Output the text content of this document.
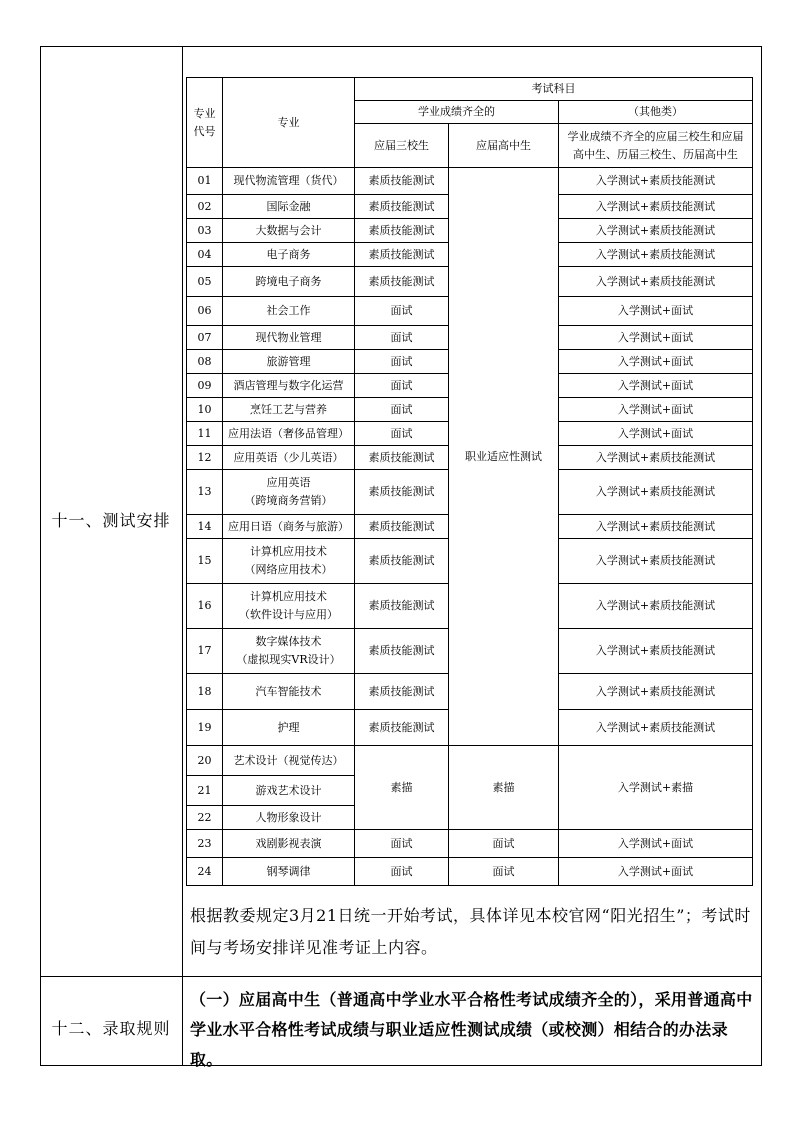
十一、测试安排
十二、录取规则
专业代号	专业	考试科目		
		学业成绩齐全的		（其他类）
		应届三校生	应届高中生	学业成绩不齐全的应届三校生和应届高中生、历届三校生、历届高中生
01	现代物流管理（货代）	素质技能测试	职业适应性测试	入学测试+素质技能测试
02	国际金融	素质技能测试		入学测试+素质技能测试
03	大数据与会计	素质技能测试		入学测试+素质技能测试
04	电子商务	素质技能测试		入学测试+素质技能测试
05	跨境电子商务	素质技能测试		入学测试+素质技能测试
06	社会工作	面试		入学测试+面试
07	现代物业管理	面试		入学测试+面试
08	旅游管理	面试		入学测试+面试
09	酒店管理与数字化运营	面试		入学测试+面试
10	烹饪工艺与营养	面试		入学测试+面试
11	应用法语（奢侈品管理）	面试		入学测试+面试
12	应用英语（少儿英语）	素质技能测试		入学测试+素质技能测试
13	应用英语
（跨境商务营销）	素质技能测试		入学测试+素质技能测试
14	应用日语（商务与旅游）	素质技能测试		入学测试+素质技能测试
15	计算机应用技术
（网络应用技术）	素质技能测试		入学测试+素质技能测试
16	计算机应用技术
（软件设计与应用）	素质技能测试		入学测试+素质技能测试
17	数字媒体技术
（虚拟现实VR设计）	素质技能测试		入学测试+素质技能测试
18	汽车智能技术	素质技能测试		入学测试+素质技能测试
19	护理	素质技能测试		入学测试+素质技能测试
20	艺术设计（视觉传达）	素描	素描	入学测试+素描
21	游戏艺术设计			
22	人物形象设计			
23	戏剧影视表演	面试	面试	入学测试+面试
24	钢琴调律	面试	面试	入学测试+面试
根据教委规定3月21日统一开始考试，具体详见本校官网“阳光招生”；考试时间与考场安排详见准考证上内容。
（一）应届高中生（普通高中学业水平合格性考试成绩齐全的），采用普通高中学业水平合格性考试成绩与职业适应性测试成绩（或校测）相结合的办法录取。
